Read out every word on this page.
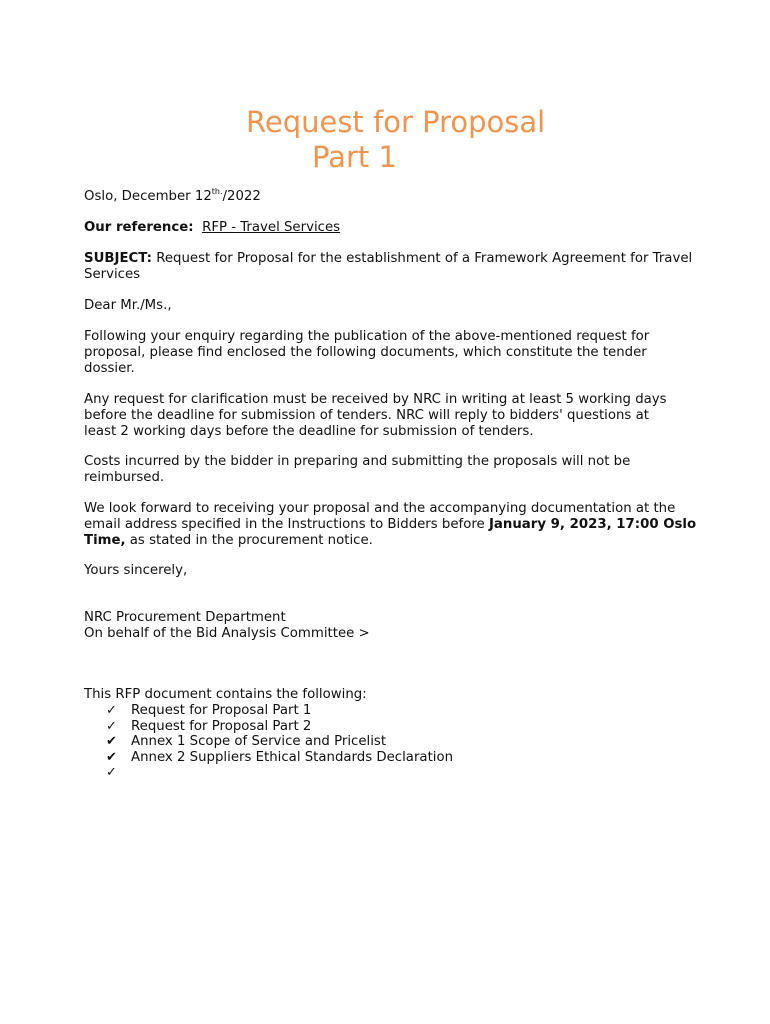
Request for Proposal
Part 1
Oslo, December $12^{th.}/2022$
Our reference: RFP - Travel Services
SUBJECT: Request for Proposal for the establishment of a Framework Agreement for Travel Services
Dear Mr./Ms.,
Following your enquiry regarding the publication of the above-mentioned request for proposal, please find enclosed the following documents, which constitute the tender dossier.
Any request for clarification must be received by NRC in writing at least 5 working days before the deadline for submission of tenders. NRC will reply to bidders' questions at least 2 working days before the deadline for submission of tenders.
Costs incurred by the bidder in preparing and submitting the proposals will not be reimbursed.
We look forward to receiving your proposal and the accompanying documentation at the email address specified in the Instructions to Bidders before January 9, 2023, 17:00 Oslo Time, as stated in the procurement notice.
Yours sincerely,
NRC Procurement Department
On behalf of the Bid Analysis Committee >
This RFP document contains the following:
✓ Request for Proposal Part 1
✓ Request for Proposal Part 2
✔ Annex 1 Scope of Service and Pricelist
✔ Annex 2 Suppliers Ethical Standards Declaration
✓
